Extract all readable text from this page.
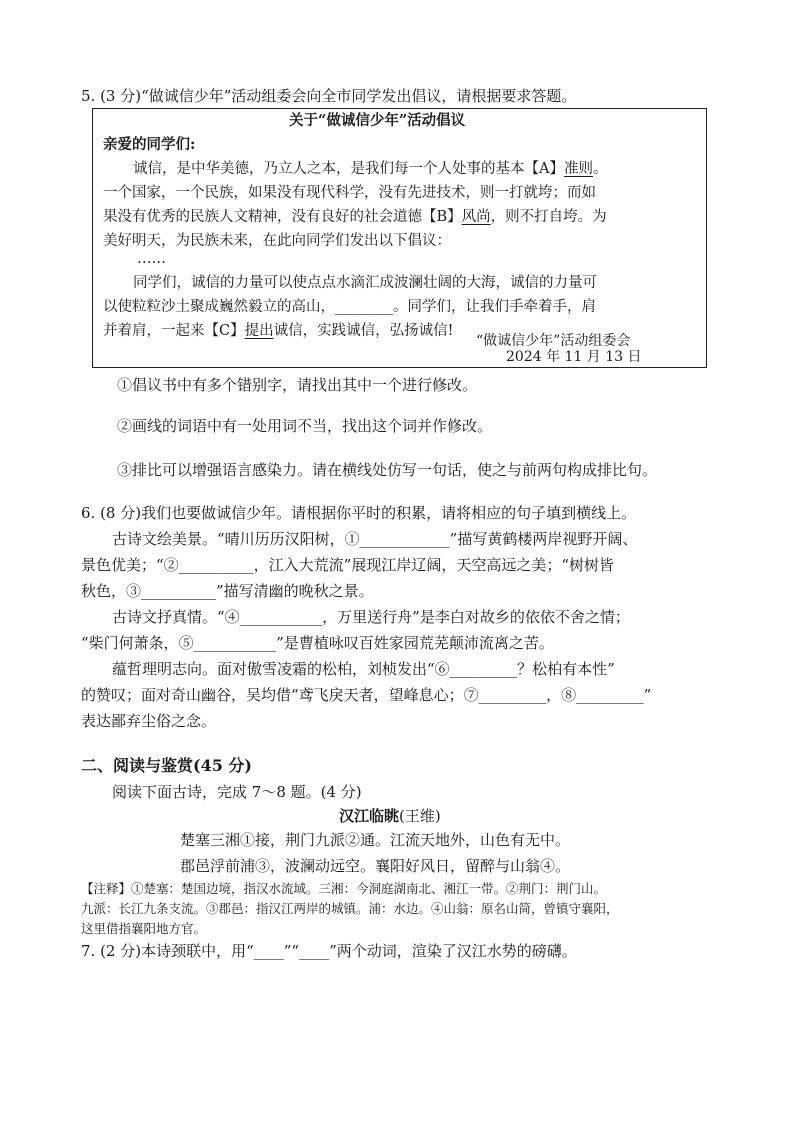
5. (3 分)“做诚信少年”活动组委会向全市同学发出倡议，请根据要求答题。
关于“做诚信少年”活动倡议
亲爱的同学们:
诚信，是中华美德，乃立人之本，是我们每一个人处事的基本【A】准则。
一个国家，一个民族，如果没有现代科学，没有先进技术，则一打就垮；而如
果没有优秀的民族人文精神，没有良好的社会道德【B】风尚，则不打自垮。为
美好明天，为民族未来，在此向同学们发出以下倡议：
……
同学们，诚信的力量可以使点点水滴汇成波澜壮阔的大海，诚信的力量可
以使粒粒沙土聚成巍然毅立的高山，________。同学们，让我们手牵着手，肩
并着肩，一起来【C】提出诚信，实践诚信，弘扬诚信!
“做诚信少年”活动组委会
2024 年 11 月 13 日
①倡议书中有多个错别字，请找出其中一个进行修改。
②画线的词语中有一处用词不当，找出这个词并作修改。
③排比可以增强语言感染力。请在横线处仿写一句话，使之与前两句构成排比句。
6. (8 分)我们也要做诚信少年。请根据你平时的积累，请将相应的句子填到横线上。
古诗文绘美景。“晴川历历汉阳树，①____________”描写黄鹤楼两岸视野开阔、
景色优美；“②__________，江入大荒流”展现江岸辽阔，天空高远之美；“树树皆
秋色，③__________”描写清幽的晚秋之景。
古诗文抒真情。“④___________，万里送行舟”是李白对故乡的依依不舍之情；
“柴门何萧条，⑤___________”是曹植咏叹百姓家园荒芜颠沛流离之苦。
蕴哲理明志向。面对傲雪凌霜的松柏，刘桢发出“⑥_________？松柏有本性”
的赞叹；面对奇山幽谷，吴均借“鸢飞戾天者，望峰息心；⑦_________，⑧_________”
表达鄙弃尘俗之念。
二、阅读与鉴赏(45 分)
阅读下面古诗，完成 7～8 题。(4 分)
汉江临眺(王维)
楚塞三湘①接，荆门九派②通。江流天地外，山色有无中。
郡邑浮前浦③，波澜动远空。襄阳好风日，留醉与山翁④。
【注释】①楚塞：楚国边境，指汉水流域。三湘：今洞庭湖南北、湘江一带。②荆门：荆门山。
九派：长江九条支流。③郡邑：指汉江两岸的城镇。浦：水边。④山翁：原名山简，曾镇守襄阳，
这里借指襄阳地方官。
7. (2 分)本诗颈联中，用“____”“____”两个动词，渲染了汉江水势的磅礴。
